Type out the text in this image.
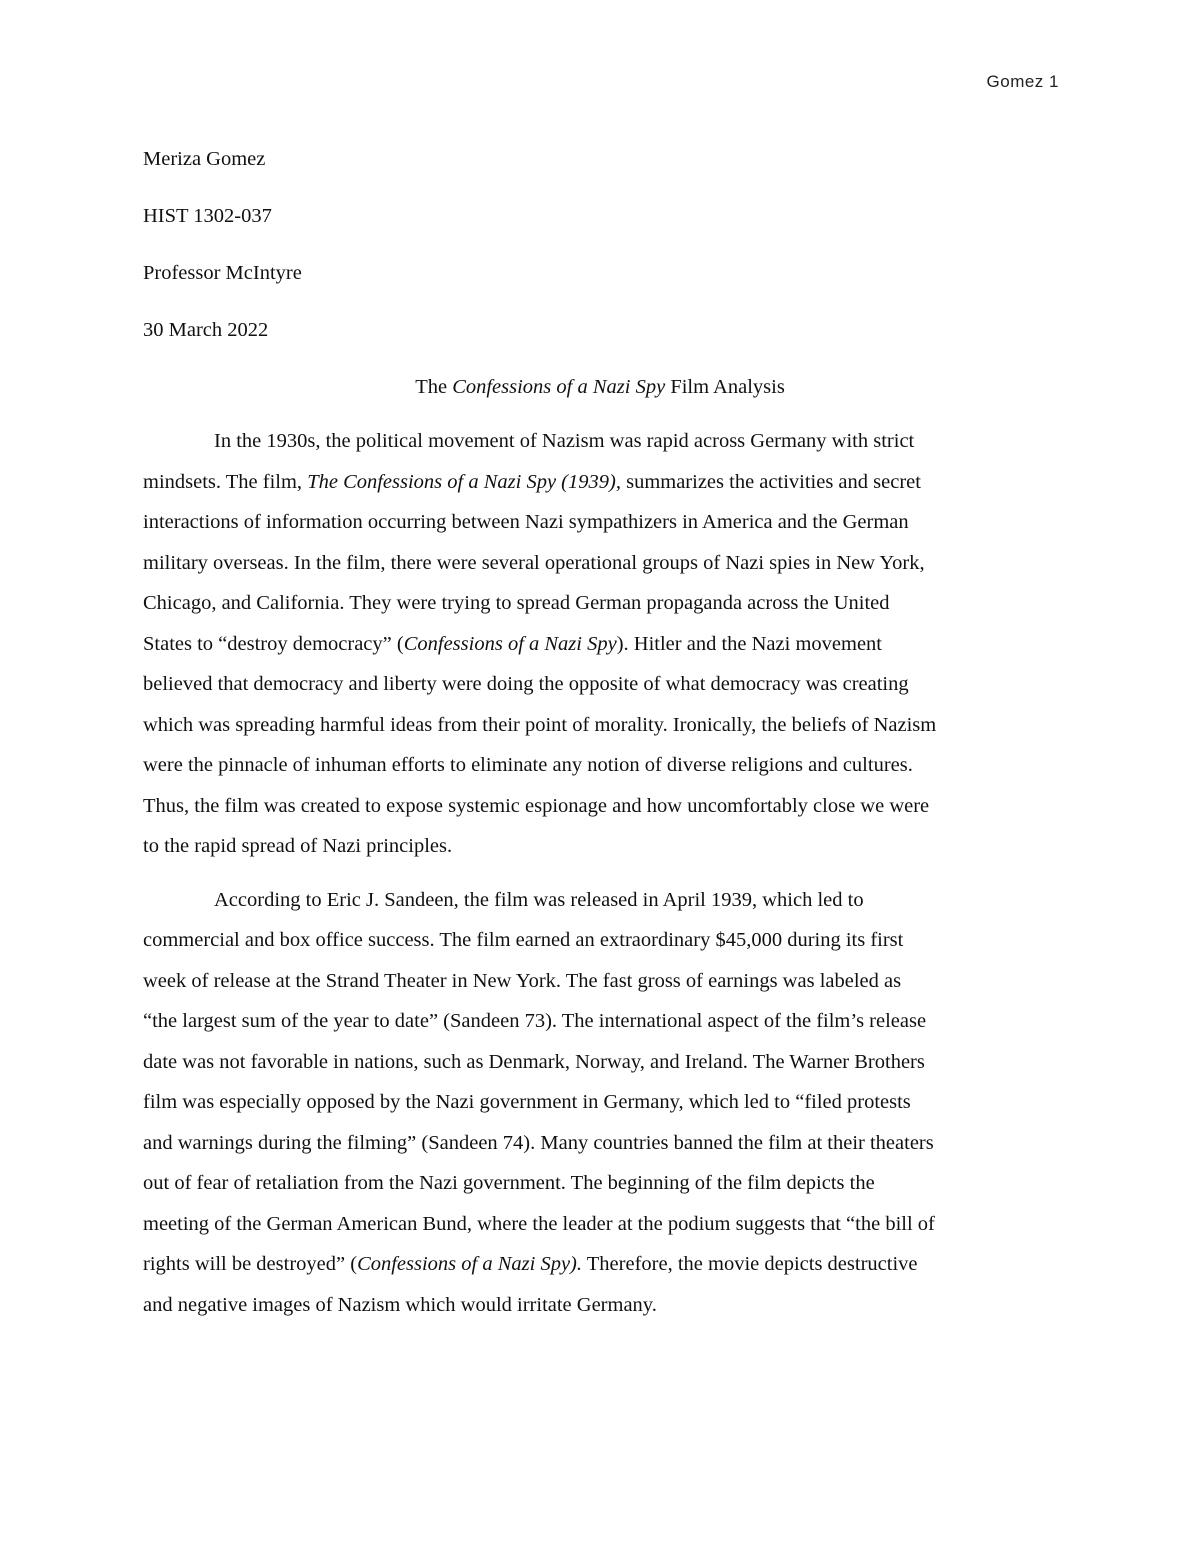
Gomez 1
Meriza Gomez
HIST 1302-037
Professor McIntyre
30 March 2022
The Confessions of a Nazi Spy Film Analysis
In the 1930s, the political movement of Nazism was rapid across Germany with strict
mindsets. The film, The Confessions of a Nazi Spy (1939), summarizes the activities and secret
interactions of information occurring between Nazi sympathizers in America and the German
military overseas. In the film, there were several operational groups of Nazi spies in New York,
Chicago, and California. They were trying to spread German propaganda across the United
States to “destroy democracy” (Confessions of a Nazi Spy). Hitler and the Nazi movement
believed that democracy and liberty were doing the opposite of what democracy was creating
which was spreading harmful ideas from their point of morality. Ironically, the beliefs of Nazism
were the pinnacle of inhuman efforts to eliminate any notion of diverse religions and cultures.
Thus, the film was created to expose systemic espionage and how uncomfortably close we were
to the rapid spread of Nazi principles.
According to Eric J. Sandeen, the film was released in April 1939, which led to
commercial and box office success. The film earned an extraordinary $45,000 during its first
week of release at the Strand Theater in New York. The fast gross of earnings was labeled as
“the largest sum of the year to date” (Sandeen 73). The international aspect of the film’s release
date was not favorable in nations, such as Denmark, Norway, and Ireland. The Warner Brothers
film was especially opposed by the Nazi government in Germany, which led to “filed protests
and warnings during the filming” (Sandeen 74). Many countries banned the film at their theaters
out of fear of retaliation from the Nazi government. The beginning of the film depicts the
meeting of the German American Bund, where the leader at the podium suggests that “the bill of
rights will be destroyed” (Confessions of a Nazi Spy). Therefore, the movie depicts destructive
and negative images of Nazism which would irritate Germany.
